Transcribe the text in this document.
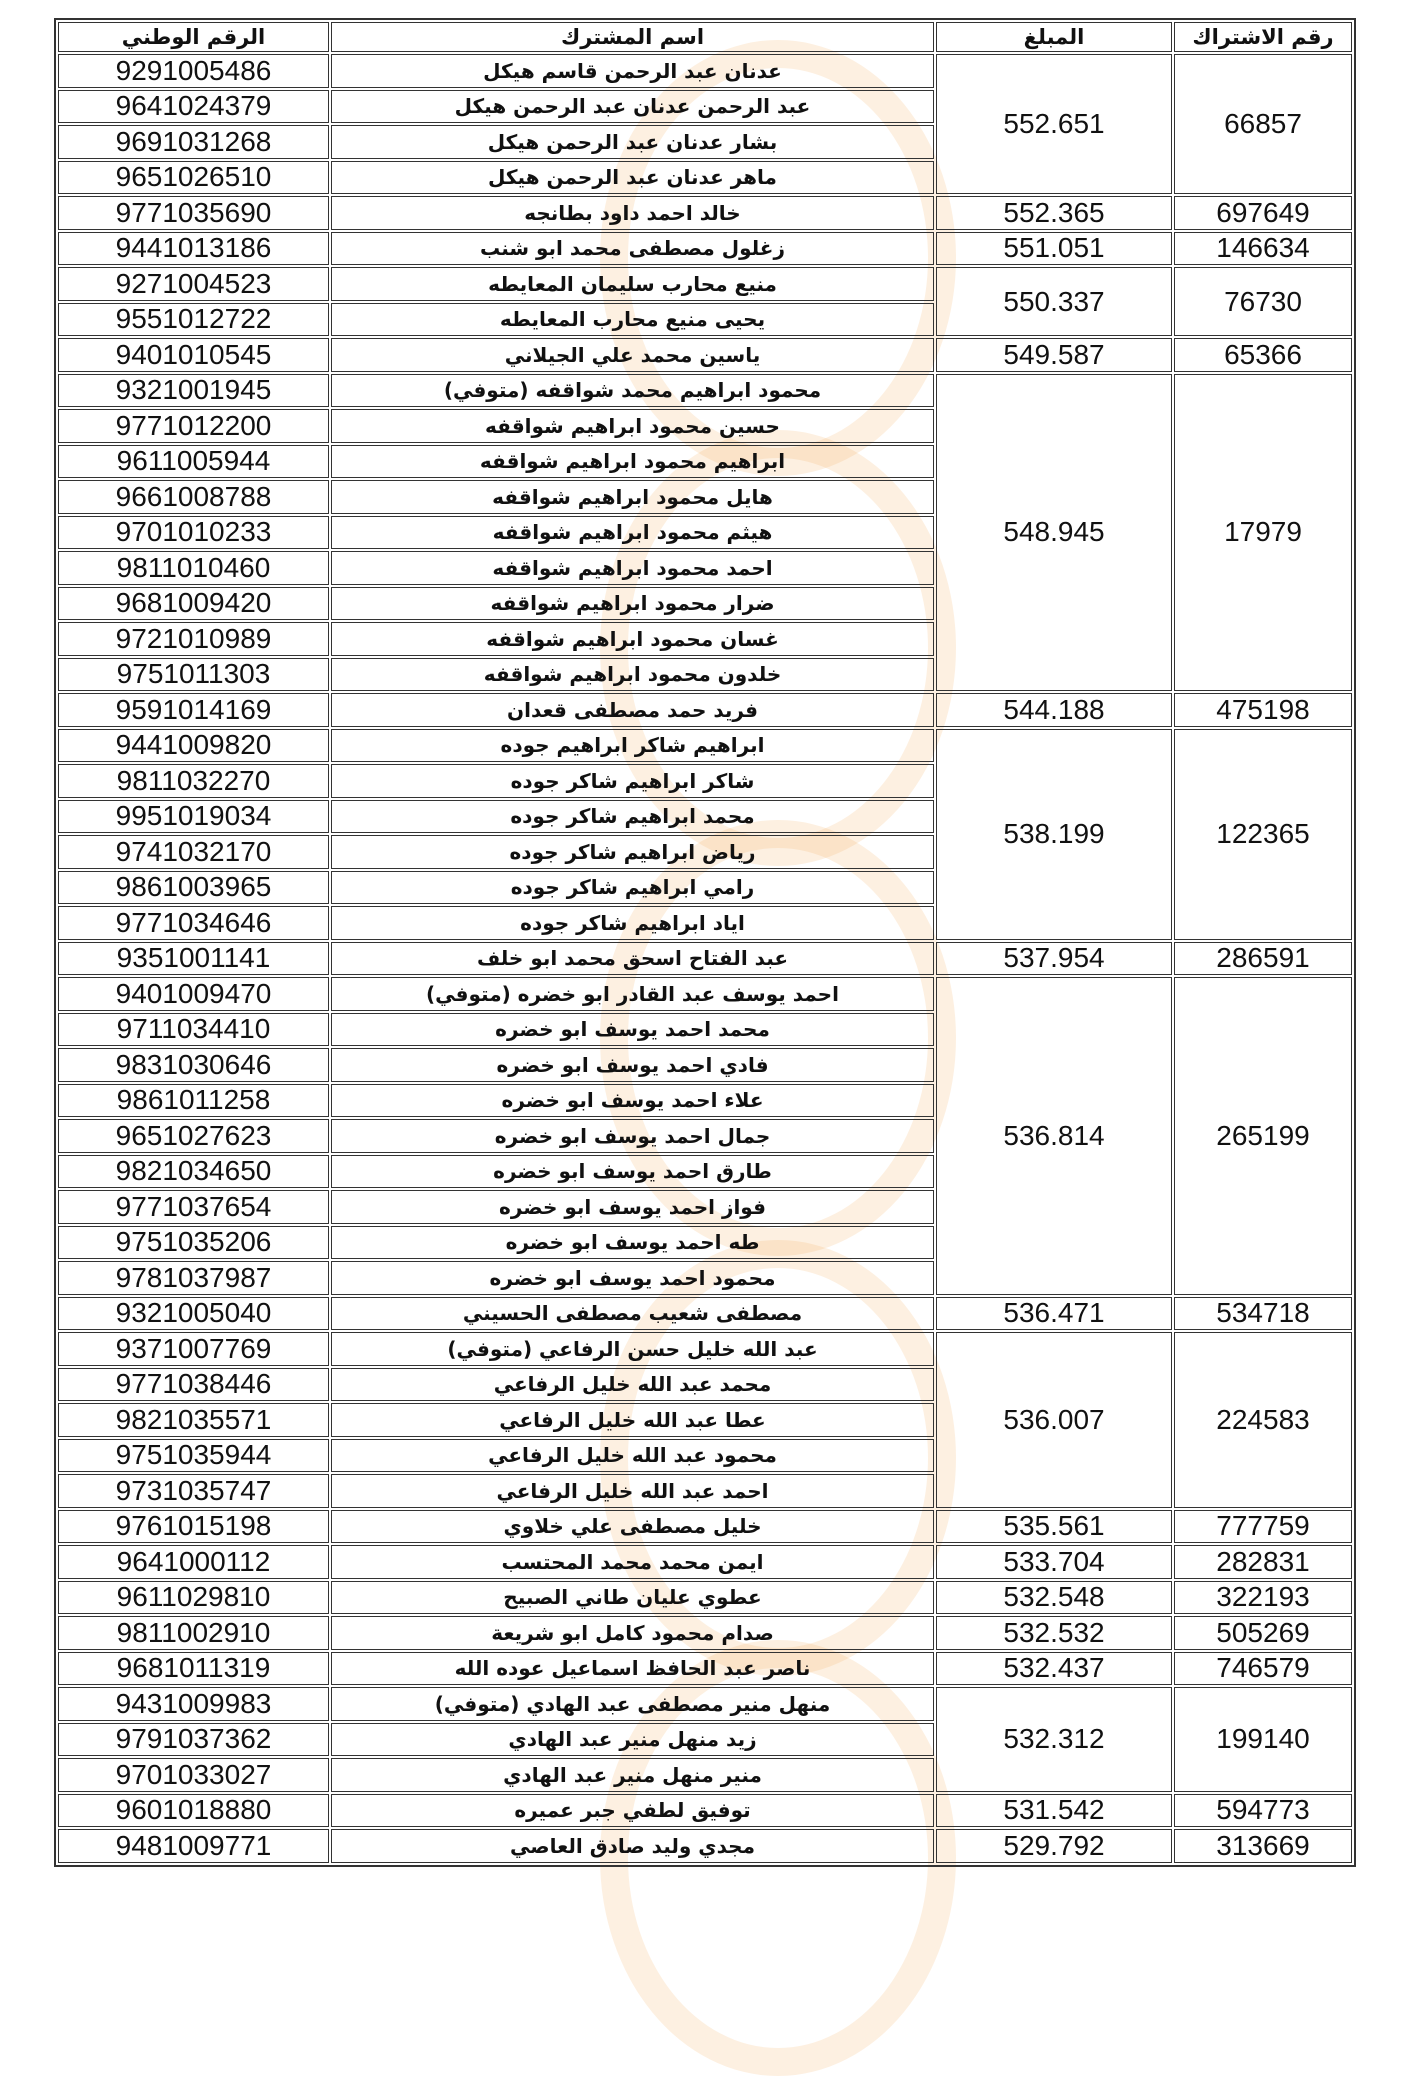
رقم الاشتراك	المبلغ	اسم المشترك	الرقم الوطني
66857	552.651	عدنان عبد الرحمن قاسم هيكل	9291005486
		عبد الرحمن عدنان عبد الرحمن هيكل	9641024379
		بشار عدنان عبد الرحمن هيكل	9691031268
		ماهر عدنان عبد الرحمن هيكل	9651026510
697649	552.365	خالد احمد داود بطانجه	9771035690
146634	551.051	زغلول مصطفى محمد ابو شنب	9441013186
76730	550.337	منيع محارب سليمان المعايطه	9271004523
		يحيى منيع محارب المعايطه	9551012722
65366	549.587	ياسين محمد علي الجيلاني	9401010545
17979	548.945	محمود ابراهيم محمد شواقفه (متوفي)	9321001945
		حسين محمود ابراهيم شواقفه	9771012200
		ابراهيم محمود ابراهيم شواقفه	9611005944
		هايل محمود ابراهيم شواقفه	9661008788
		هيثم محمود ابراهيم شواقفه	9701010233
		احمد محمود ابراهيم شواقفه	9811010460
		ضرار محمود ابراهيم شواقفه	9681009420
		غسان محمود ابراهيم شواقفه	9721010989
		خلدون محمود ابراهيم شواقفه	9751011303
475198	544.188	فريد حمد مصطفى قعدان	9591014169
122365	538.199	ابراهيم شاكر ابراهيم جوده	9441009820
		شاكر ابراهيم شاكر جوده	9811032270
		محمد ابراهيم شاكر جوده	9951019034
		رياض ابراهيم شاكر جوده	9741032170
		رامي ابراهيم شاكر جوده	9861003965
		اياد ابراهيم شاكر جوده	9771034646
286591	537.954	عبد الفتاح اسحق محمد ابو خلف	9351001141
265199	536.814	احمد يوسف عبد القادر ابو خضره (متوفي)	9401009470
		محمد احمد يوسف ابو خضره	9711034410
		فادي احمد يوسف ابو خضره	9831030646
		علاء احمد يوسف ابو خضره	9861011258
		جمال احمد يوسف ابو خضره	9651027623
		طارق احمد يوسف ابو خضره	9821034650
		فواز احمد يوسف ابو خضره	9771037654
		طه احمد يوسف ابو خضره	9751035206
		محمود احمد يوسف ابو خضره	9781037987
534718	536.471	مصطفى شعيب مصطفى الحسيني	9321005040
224583	536.007	عبد الله خليل حسن الرفاعي (متوفي)	9371007769
		محمد عبد الله خليل الرفاعي	9771038446
		عطا عبد الله خليل الرفاعي	9821035571
		محمود عبد الله خليل الرفاعي	9751035944
		احمد عبد الله خليل الرفاعي	9731035747
777759	535.561	خليل مصطفى علي خلاوي	9761015198
282831	533.704	ايمن محمد محمد المحتسب	9641000112
322193	532.548	عطوي عليان طاني الصبيح	9611029810
505269	532.532	صدام محمود كامل ابو شريعة	9811002910
746579	532.437	ناصر عبد الحافظ اسماعيل عوده الله	9681011319
199140	532.312	منهل منير مصطفى عبد الهادي (متوفي)	9431009983
		زيد منهل منير عبد الهادي	9791037362
		منير منهل منير عبد الهادي	9701033027
594773	531.542	توفيق لطفي جبر عميره	9601018880
313669	529.792	مجدي وليد صادق العاصي	9481009771
